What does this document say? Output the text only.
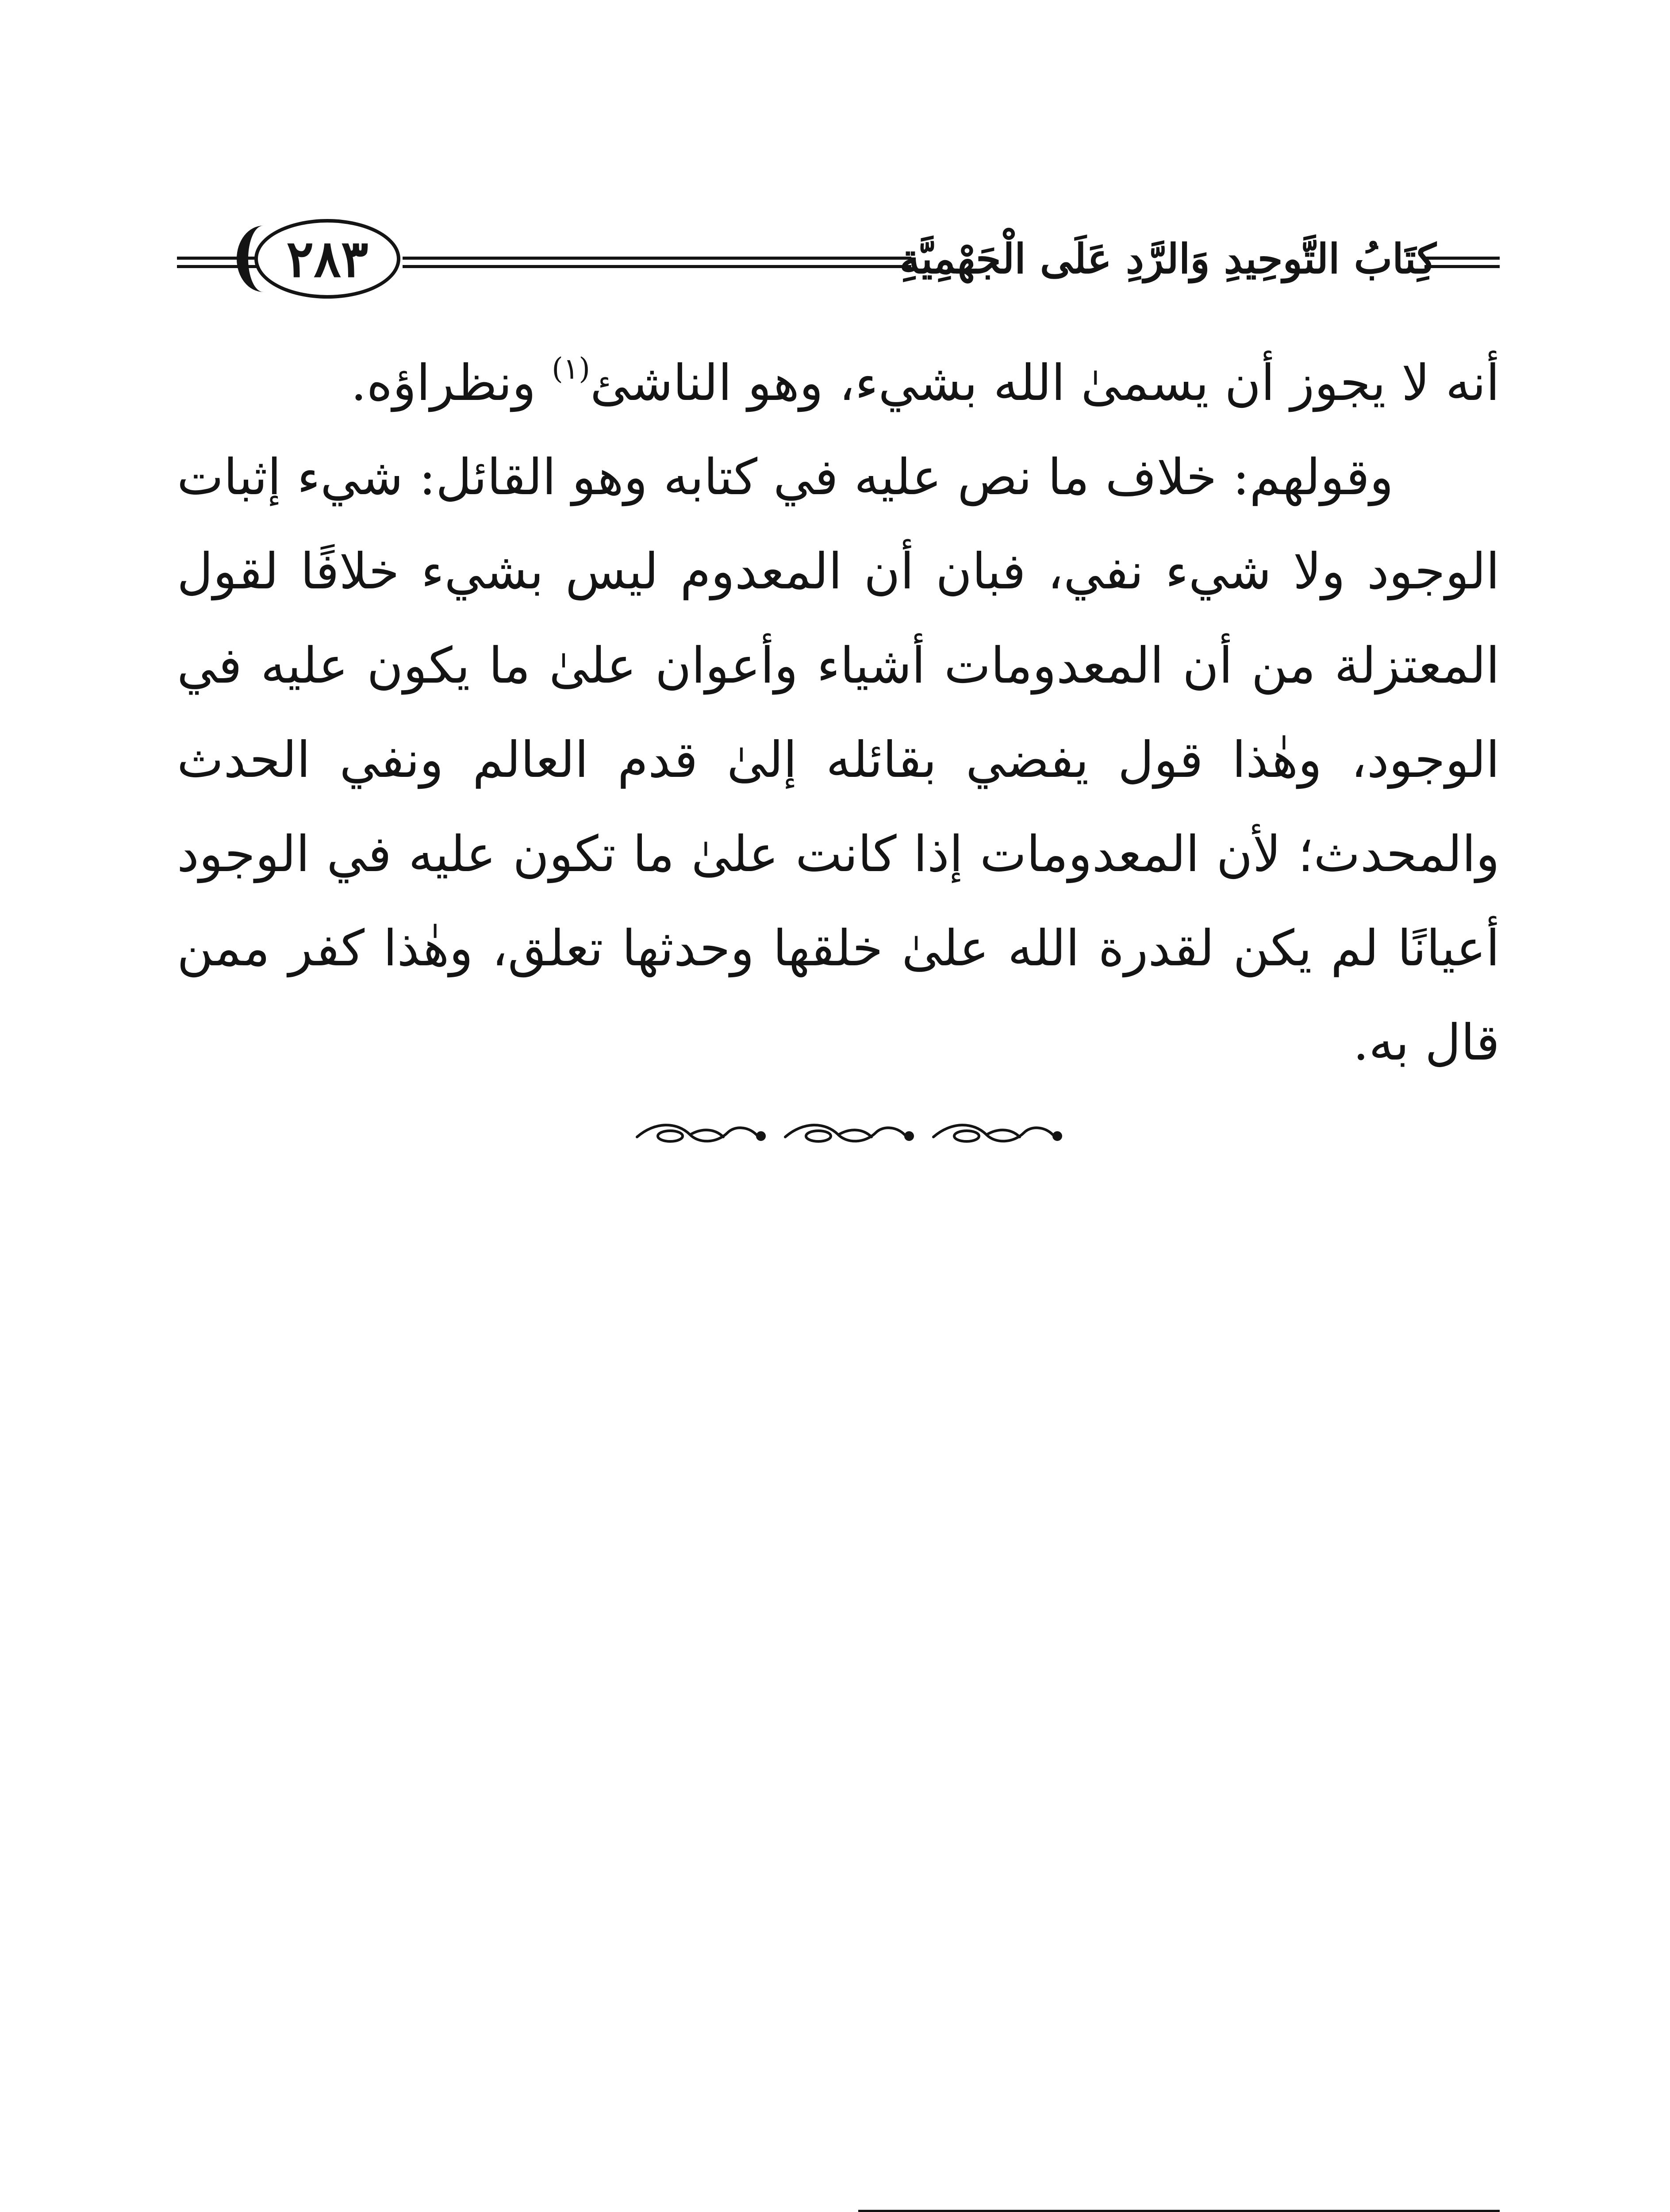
٢٨٣	كِتَابُ التَّوحِيدِ وَالرَّدِ عَلَى الْجَهْمِيَّةِ

أنه لا يجوز أن يسمىٰ الله بشيء، وهو الناشئ$^{(١)}$ ونظراؤه.

وقولهم: خلاف ما نص عليه في كتابه وهو القائل: شيء إثبات الوجود ولا شيء نفي، فبان أن المعدوم ليس بشيء خلافًا لقول المعتزلة من أن المعدومات أشياء وأعوان علىٰ ما يكون عليه في الوجود، وهٰذا قول يفضي بقائله إلىٰ قدم العالم ونفي الحدث والمحدث؛ لأن المعدومات إذا كانت علىٰ ما تكون عليه في الوجود أعيانًا لم يكن لقدرة الله علىٰ خلقها وحدثها تعلق، وهٰذا كفر ممن قال به.
